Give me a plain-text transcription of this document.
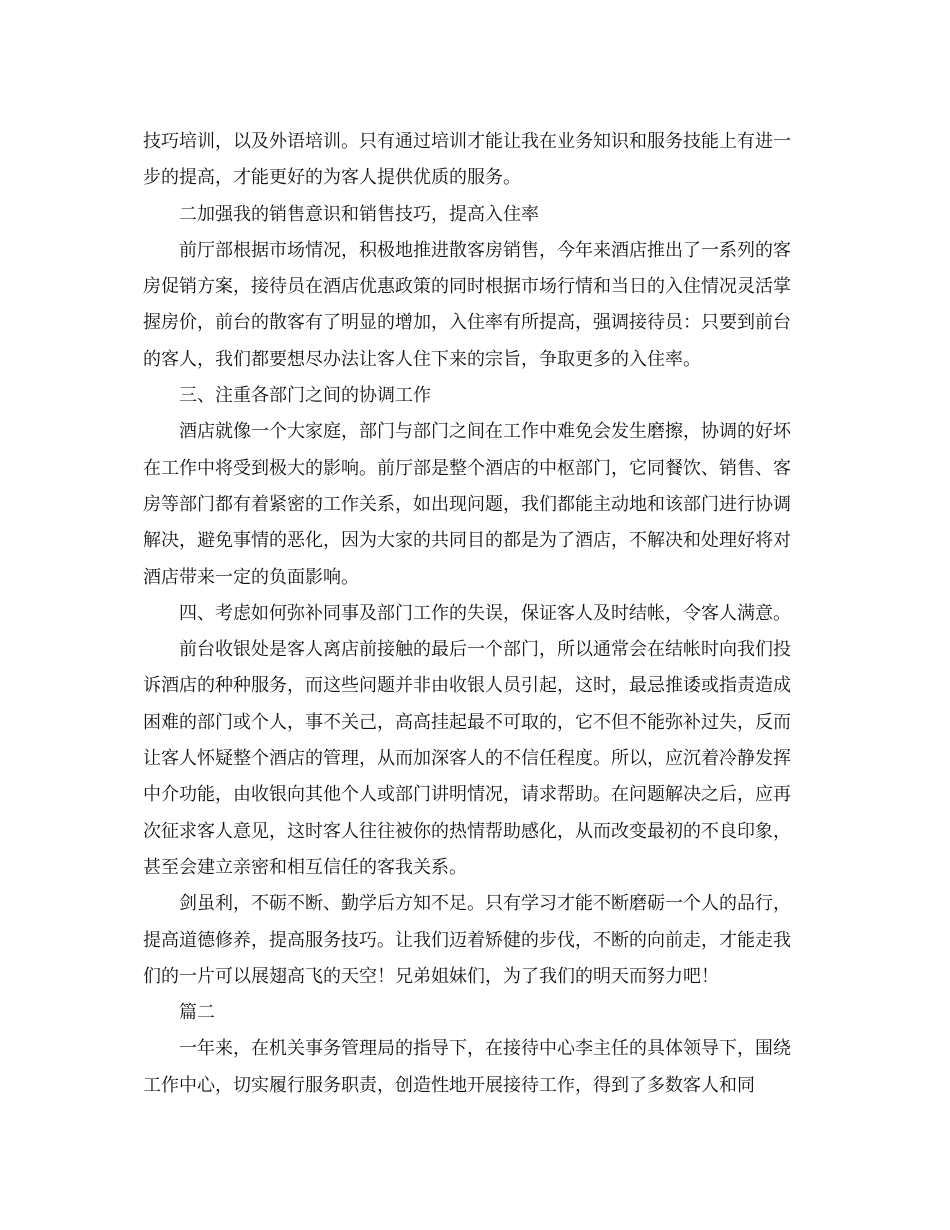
技巧培训，以及外语培训。只有通过培训才能让我在业务知识和服务技能上有进一步的提高，才能更好的为客人提供优质的服务。

二加强我的销售意识和销售技巧，提高入住率

前厅部根据市场情况，积极地推进散客房销售，今年来酒店推出了一系列的客房促销方案，接待员在酒店优惠政策的同时根据市场行情和当日的入住情况灵活掌握房价，前台的散客有了明显的增加，入住率有所提高，强调接待员：只要到前台的客人，我们都要想尽办法让客人住下来的宗旨，争取更多的入住率。

三、注重各部门之间的协调工作

酒店就像一个大家庭，部门与部门之间在工作中难免会发生磨擦，协调的好坏在工作中将受到极大的影响。前厅部是整个酒店的中枢部门，它同餐饮、销售、客房等部门都有着紧密的工作关系，如出现问题，我们都能主动地和该部门进行协调解决，避免事情的恶化，因为大家的共同目的都是为了酒店，不解决和处理好将对酒店带来一定的负面影响。

四、考虑如何弥补同事及部门工作的失误，保证客人及时结帐，令客人满意。

前台收银处是客人离店前接触的最后一个部门，所以通常会在结帐时向我们投诉酒店的种种服务，而这些问题并非由收银人员引起，这时，最忌推诿或指责造成困难的部门或个人，事不关己，高高挂起最不可取的，它不但不能弥补过失，反而让客人怀疑整个酒店的管理，从而加深客人的不信任程度。所以，应沉着冷静发挥中介功能，由收银向其他个人或部门讲明情况，请求帮助。在问题解决之后，应再次征求客人意见，这时客人往往被你的热情帮助感化，从而改变最初的不良印象，甚至会建立亲密和相互信任的客我关系。

剑虽利，不砺不断、勤学后方知不足。只有学习才能不断磨砺一个人的品行，提高道德修养，提高服务技巧。让我们迈着矫健的步伐，不断的向前走，才能走我们的一片可以展翅高飞的天空！兄弟姐妹们，为了我们的明天而努力吧！

篇二

一年来，在机关事务管理局的指导下，在接待中心李主任的具体领导下，围绕工作中心，切实履行服务职责，创造性地开展接待工作，得到了多数客人和同
